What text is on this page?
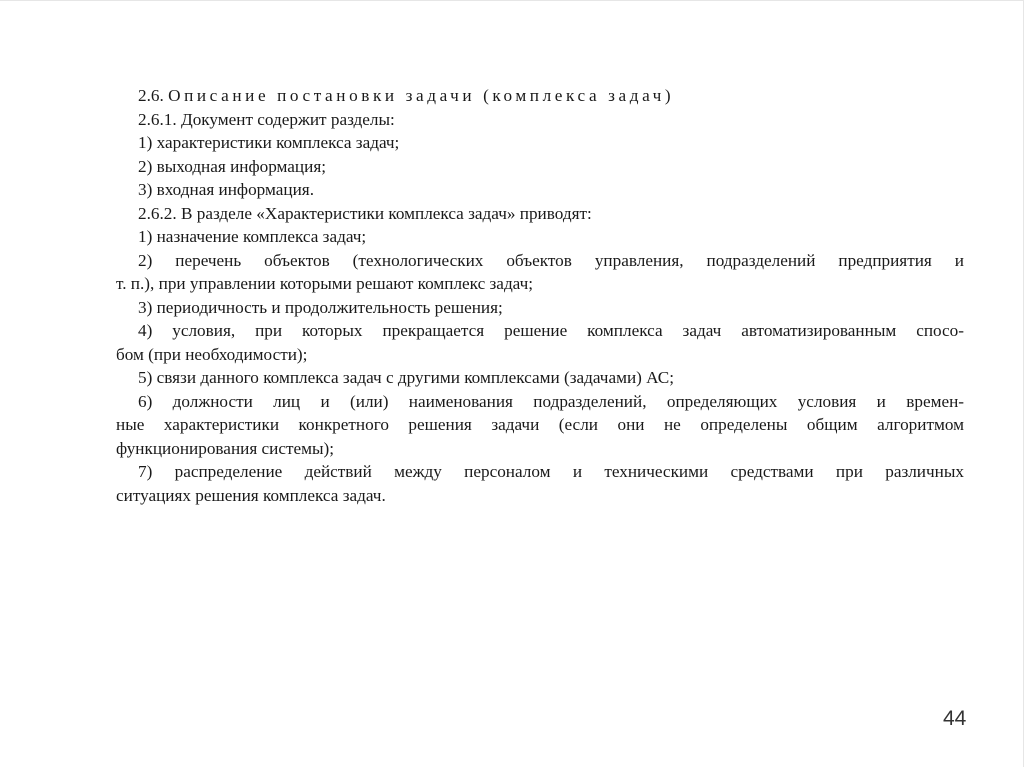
2.6. Описание постановки задачи (комплекса задач)
2.6.1. Документ содержит разделы:
1) характеристики комплекса задач;
2) выходная информация;
3) входная информация.
2.6.2. В разделе «Характеристики комплекса задач» приводят:
1) назначение комплекса задач;
2) перечень объектов (технологических объектов управления, подразделений предприятия и
т. п.), при управлении которыми решают комплекс задач;
3) периодичность и продолжительность решения;
4) условия, при которых прекращается решение комплекса задач автоматизированным спосо-
бом (при необходимости);
5) связи данного комплекса задач с другими комплексами (задачами) АС;
6) должности лиц и (или) наименования подразделений, определяющих условия и времен-
ные характеристики конкретного решения задачи (если они не определены общим алгоритмом
функционирования системы);
7) распределение действий между персоналом и техническими средствами при различных
ситуациях решения комплекса задач.
44
